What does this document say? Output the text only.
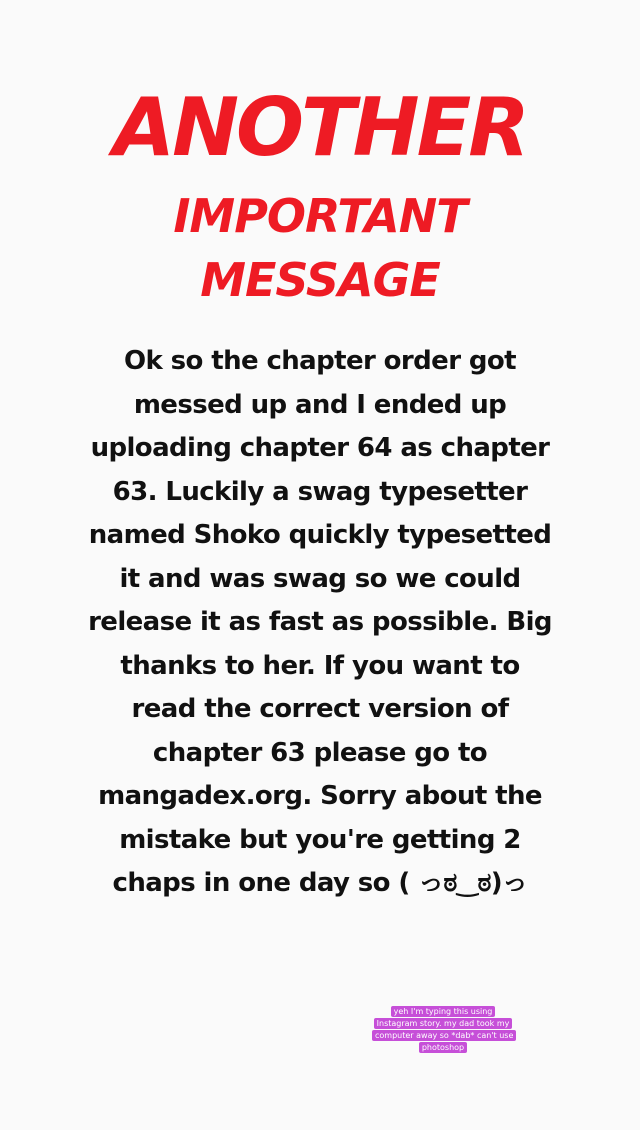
ANOTHER
IMPORTANT
MESSAGE
Ok so the chapter order got messed up and I ended up uploading chapter 64 as chapter 63. Luckily a swag typesetter named Shoko quickly typesetted it and was swag so we could release it as fast as possible. Big thanks to her. If you want to read the correct version of chapter 63 please go to mangadex.org. Sorry about the mistake but you're getting 2 chaps in one day so ( っಠ‿ಠ)っ
yeh I'm typing this using Instagram story. my dad took my computer away so *dab* can't use photoshop
